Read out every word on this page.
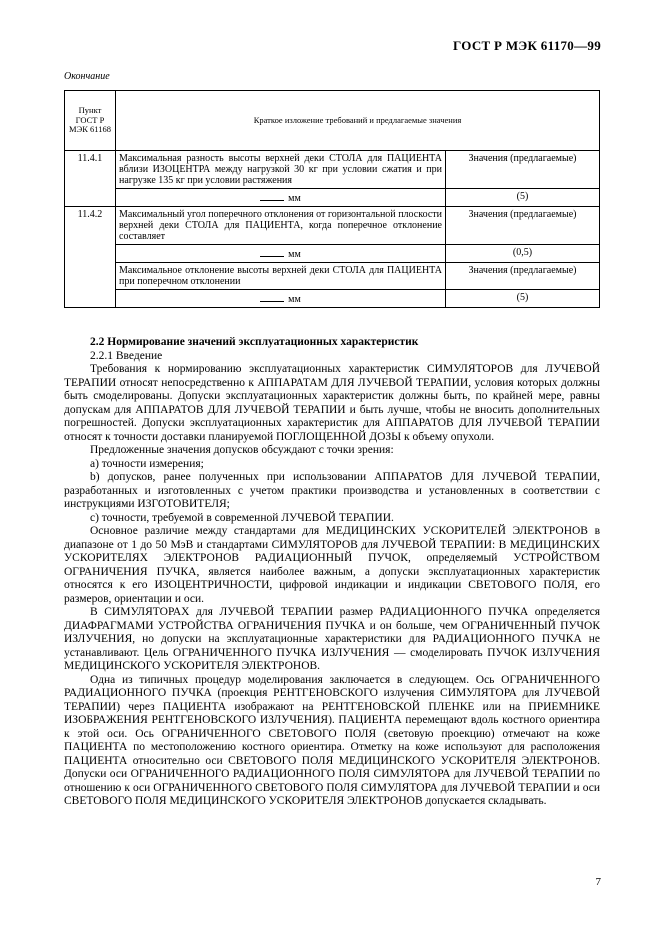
ГОСТ Р МЭК 61170—99
Окончание
Пункт ГОСТ Р МЭК 61168	Краткое изложение требований и предлагаемые значения	
11.4.1	Максимальная разность высоты верхней деки СТОЛА для ПАЦИЕНТА вблизи ИЗОЦЕНТРА между нагрузкой 30 кг при условии сжатия и при нагрузке 135 кг при условии растяжения	Значения (предлагаемые)
	мм	(5)
11.4.2	Максимальный угол поперечного отклонения от горизонтальной плоскости верхней деки СТОЛА для ПАЦИЕНТА, когда поперечное отклонение составляет	Значения (предлагаемые)
	мм	(0,5)
	Максимальное отклонение высоты верхней деки СТОЛА для ПАЦИЕНТА при поперечном отклонении	Значения (предлагаемые)
	мм	(5)

2.2 Нормирование значений эксплуатационных характеристик

2.2.1 Введение

Требования к нормированию эксплуатационных характеристик СИМУЛЯТОРОВ для ЛУЧЕВОЙ ТЕРАПИИ относят непосредственно к АППАРАТАМ ДЛЯ ЛУЧЕВОЙ ТЕРАПИИ, условия которых должны быть смоделированы. Допуски эксплуатационных характеристик должны быть, по крайней мере, равны допускам для АППАРАТОВ ДЛЯ ЛУЧЕВОЙ ТЕРАПИИ и быть лучше, чтобы не вносить дополнительных погрешностей. Допуски эксплуатационных характеристик для АППАРАТОВ ДЛЯ ЛУЧЕВОЙ ТЕРАПИИ относят к точности доставки планируемой ПОГЛОЩЕННОЙ ДОЗЫ к объему опухоли.

Предложенные значения допусков обсуждают с точки зрения:

а) точности измерения;

b) допусков, ранее полученных при использовании АППАРАТОВ ДЛЯ ЛУЧЕВОЙ ТЕРАПИИ, разработанных и изготовленных с учетом практики производства и установленных в соответствии с инструкциями ИЗГОТОВИТЕЛЯ;

с) точности, требуемой в современной ЛУЧЕВОЙ ТЕРАПИИ.

Основное различие между стандартами для МЕДИЦИНСКИХ УСКОРИТЕЛЕЙ ЭЛЕКТРОНОВ в диапазоне от 1 до 50 МэВ и стандартами СИМУЛЯТОРОВ для ЛУЧЕВОЙ ТЕРАПИИ: В МЕДИЦИНСКИХ УСКОРИТЕЛЯХ ЭЛЕКТРОНОВ РАДИАЦИОННЫЙ ПУЧОК, определяемый УСТРОЙСТВОМ ОГРАНИЧЕНИЯ ПУЧКА, является наиболее важным, а допуски эксплуатационных характеристик относятся к его ИЗОЦЕНТРИЧНОСТИ, цифровой индикации и индикации СВЕТОВОГО ПОЛЯ, его размеров, ориентации и оси.

В СИМУЛЯТОРАХ для ЛУЧЕВОЙ ТЕРАПИИ размер РАДИАЦИОННОГО ПУЧКА определяется ДИАФРАГМАМИ УСТРОЙСТВА ОГРАНИЧЕНИЯ ПУЧКА и он больше, чем ОГРАНИЧЕННЫЙ ПУЧОК ИЗЛУЧЕНИЯ, но допуски на эксплуатационные характеристики для РАДИАЦИОННОГО ПУЧКА не устанавливают. Цель ОГРАНИЧЕННОГО ПУЧКА ИЗЛУЧЕНИЯ — смоделировать ПУЧОК ИЗЛУЧЕНИЯ МЕДИЦИНСКОГО УСКОРИТЕЛЯ ЭЛЕКТРОНОВ.

Одна из типичных процедур моделирования заключается в следующем. Ось ОГРАНИЧЕННОГО РАДИАЦИОННОГО ПУЧКА (проекция РЕНТГЕНОВСКОГО излучения СИМУЛЯТОРА для ЛУЧЕВОЙ ТЕРАПИИ) через ПАЦИЕНТА изображают на РЕНТГЕНОВСКОЙ ПЛЕНКЕ или на ПРИЕМНИКЕ ИЗОБРАЖЕНИЯ РЕНТГЕНОВСКОГО ИЗЛУЧЕНИЯ). ПАЦИЕНТА перемещают вдоль костного ориентира к этой оси. Ось ОГРАНИЧЕННОГО СВЕТОВОГО ПОЛЯ (световую проекцию) отмечают на коже ПАЦИЕНТА по местоположению костного ориентира. Отметку на коже используют для расположения ПАЦИЕНТА относительно оси СВЕТОВОГО ПОЛЯ МЕДИЦИНСКОГО УСКОРИТЕЛЯ ЭЛЕКТРОНОВ. Допуски оси ОГРАНИЧЕННОГО РАДИАЦИОННОГО ПОЛЯ СИМУЛЯТОРА для ЛУЧЕВОЙ ТЕРАПИИ по отношению к оси ОГРАНИЧЕННОГО СВЕТОВОГО ПОЛЯ СИМУЛЯТОРА для ЛУЧЕВОЙ ТЕРАПИИ и оси СВЕТОВОГО ПОЛЯ МЕДИЦИНСКОГО УСКОРИТЕЛЯ ЭЛЕКТРОНОВ допускается складывать.

7
